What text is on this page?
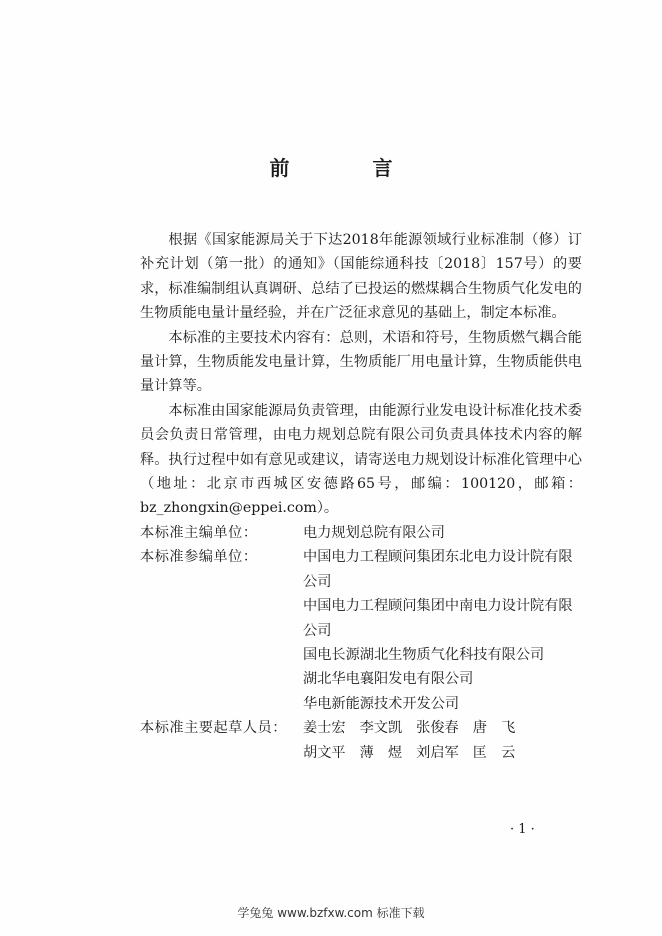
前 言

根据《国家能源局关于下达2018年能源领域行业标准制（修）订补充计划（第一批）的通知》（国能综通科技〔2018〕157号）的要求，标准编制组认真调研、总结了已投运的燃煤耦合生物质气化发电的生物质能电量计量经验，并在广泛征求意见的基础上，制定本标准。

本标准的主要技术内容有：总则，术语和符号，生物质燃气耦合能量计算，生物质能发电量计算，生物质能厂用电量计算，生物质能供电量计算等。

本标准由国家能源局负责管理，由能源行业发电设计标准化技术委员会负责日常管理，由电力规划总院有限公司负责具体技术内容的解释。执行过程中如有意见或建议，请寄送电力规划设计标准化管理中心（地址：北京市西城区安德路65号，邮编：100120，邮箱：bz_zhongxin@eppei.com）。

本标准主编单位：	电力规划总院有限公司
本标准参编单位：	中国电力工程顾问集团东北电力设计院有限公司
中国电力工程顾问集团中南电力设计院有限公司
国电长源湖北生物质气化科技有限公司
湖北华电襄阳发电有限公司
华电新能源技术开发公司
本标准主要起草人员：	姜士宏 李文凯 张俊春 唐　飞
胡文平 薄　煜 刘启军 匡　云
· 1 ·
学兔兔 www.bzfxw.com 标准下载
